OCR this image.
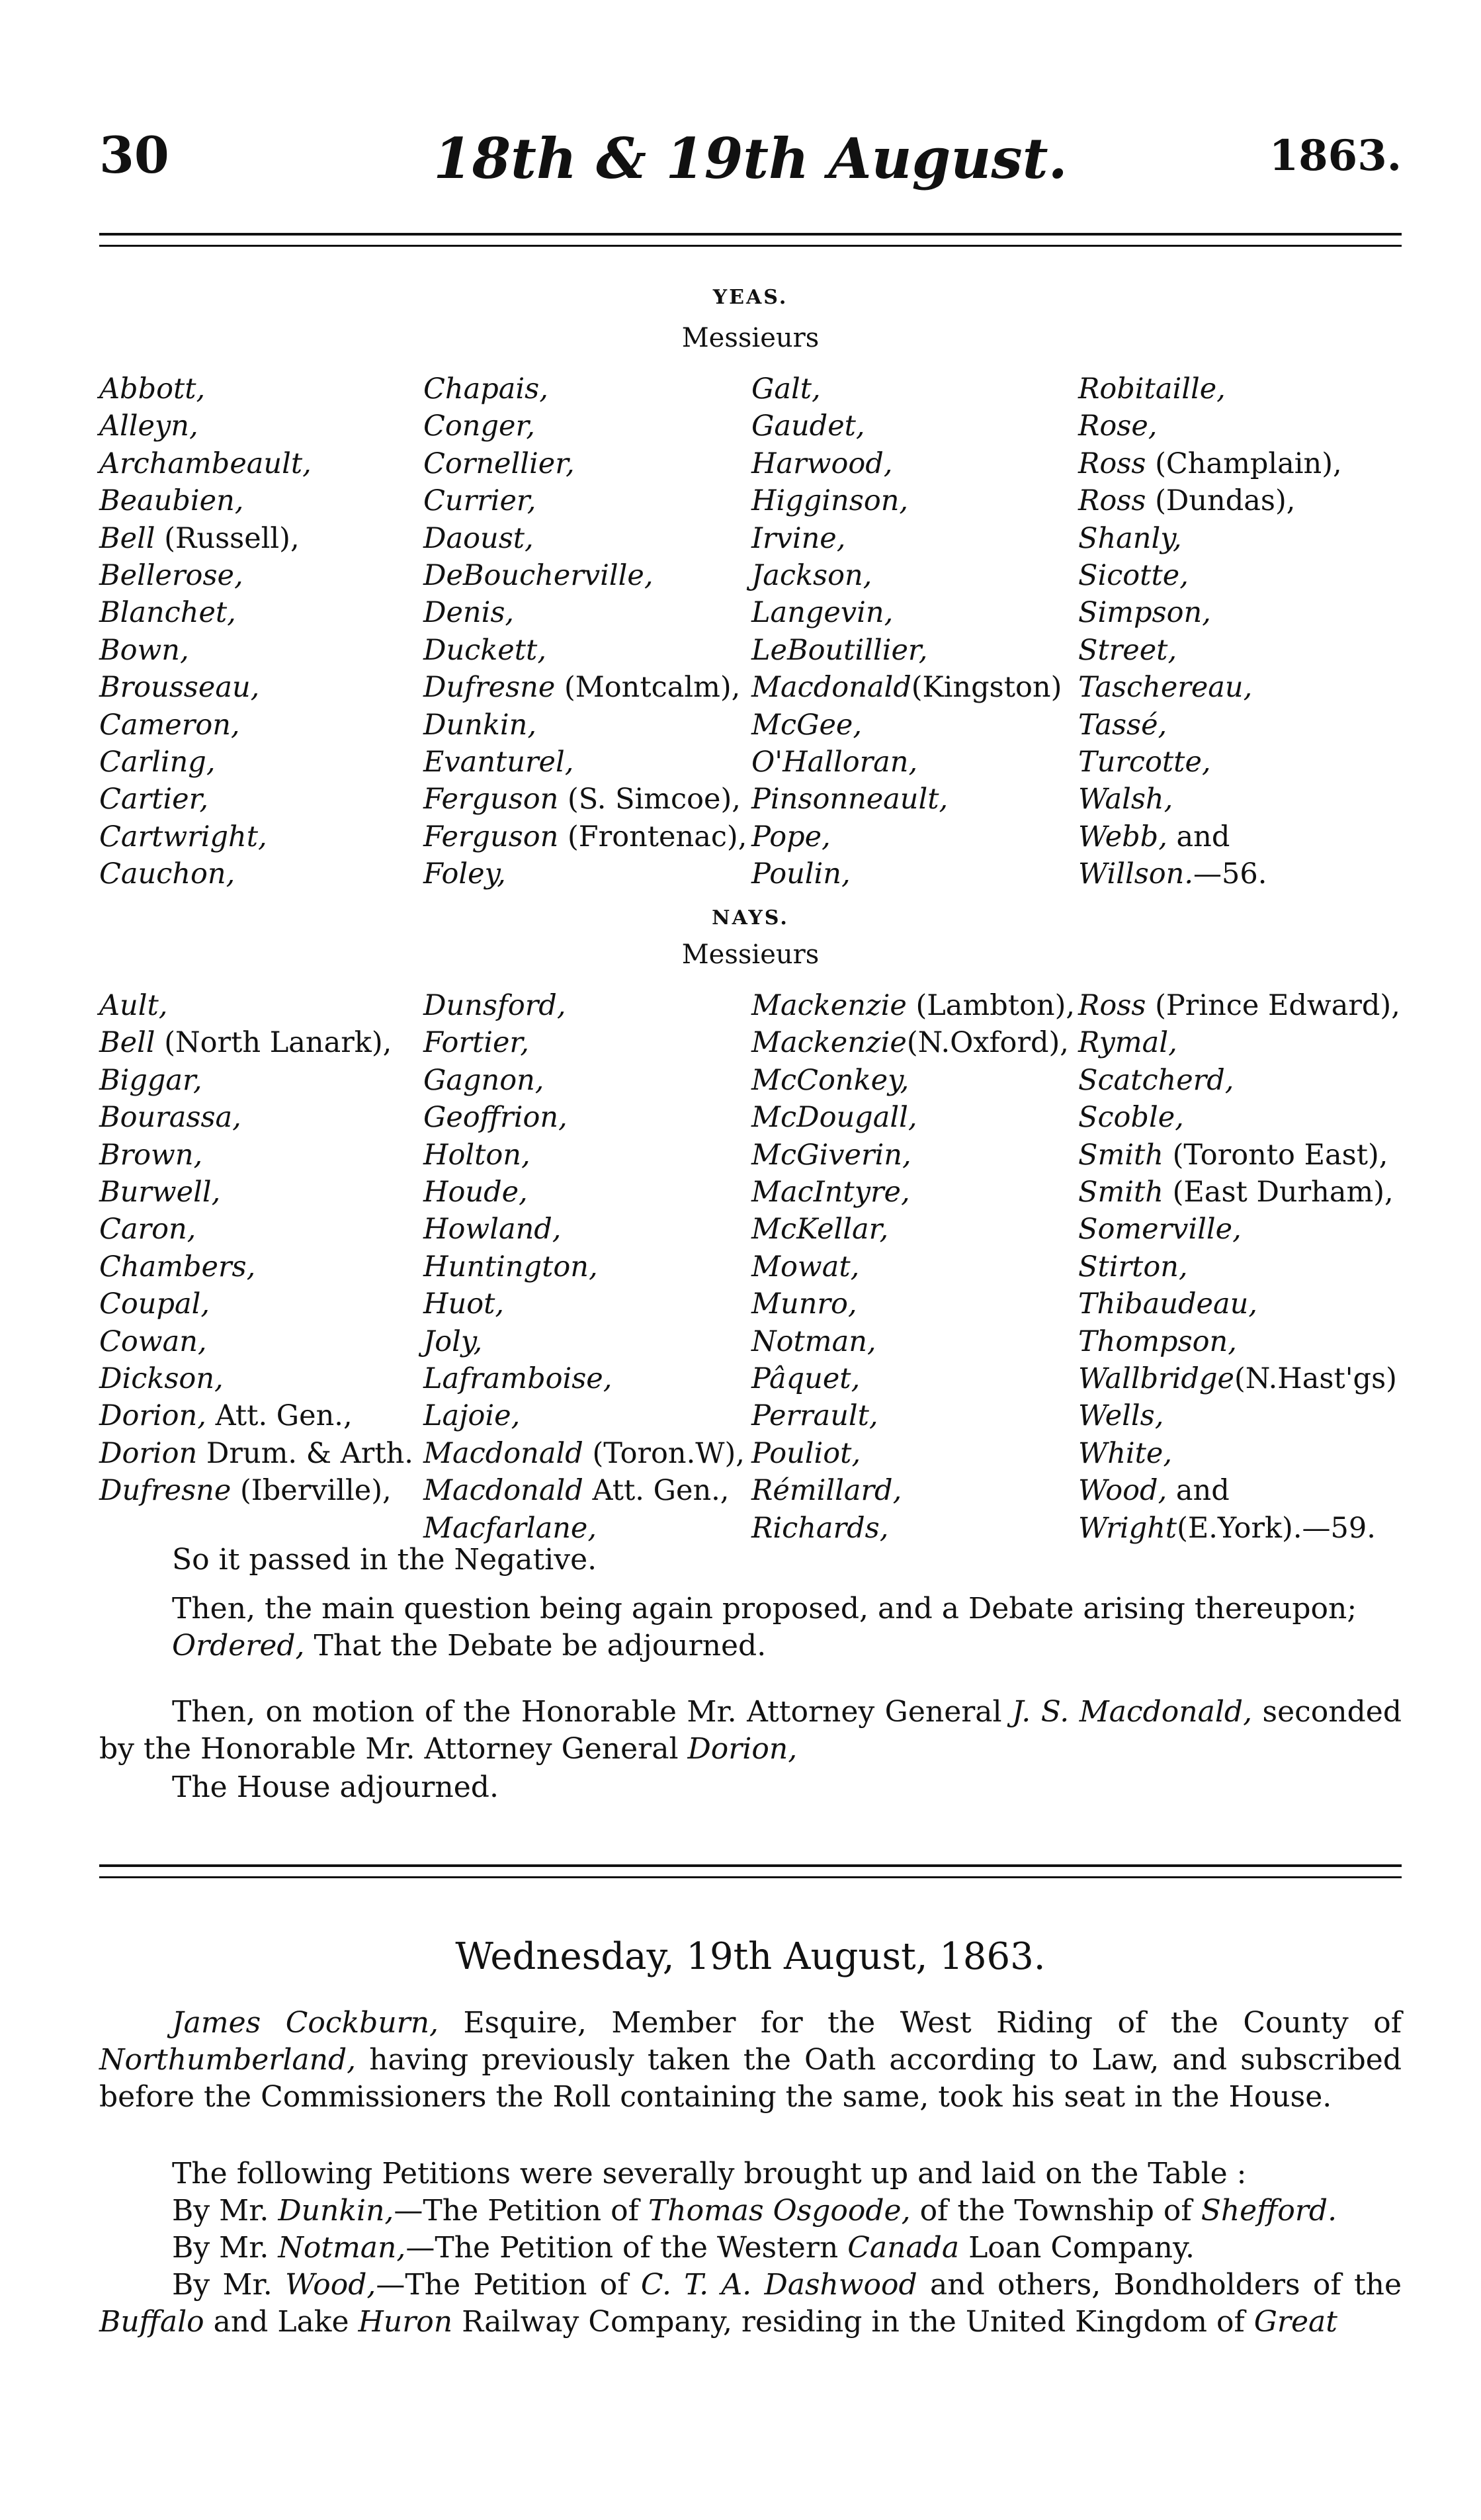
30	18th & 19th August.	1863.
YEAS.
Messieurs
Abbott,
Alleyn,
Archambeault,
Beaubien,
Bell (Russell),
Bellerose,
Blanchet,
Bown,
Brousseau,
Cameron,
Carling,
Cartier,
Cartwright,
Cauchon,
Chapais,
Conger,
Cornellier,
Currier,
Daoust,
DeBoucherville,
Denis,
Duckett,
Dufresne (Montcalm),
Dunkin,
Evanturel,
Ferguson (S. Simcoe),
Ferguson (Frontenac),
Foley,
Galt,
Gaudet,
Harwood,
Higginson,
Irvine,
Jackson,
Langevin,
LeBoutillier,
Macdonald(Kingston)
McGee,
O'Halloran,
Pinsonneault,
Pope,
Poulin,
Robitaille,
Rose,
Ross (Champlain),
Ross (Dundas),
Shanly,
Sicotte,
Simpson,
Street,
Taschereau,
Tassé,
Turcotte,
Walsh,
Webb, and
Willson.—56.
NAYS.
Messieurs
Ault,
Bell (North Lanark),
Biggar,
Bourassa,
Brown,
Burwell,
Caron,
Chambers,
Coupal,
Cowan,
Dickson,
Dorion, Att. Gen.,
Dorion Drum. & Arth.
Dufresne (Iberville),
Dunsford,
Fortier,
Gagnon,
Geoffrion,
Holton,
Houde,
Howland,
Huntington,
Huot,
Joly,
Laframboise,
Lajoie,
Macdonald (Toron.W),
Macdonald Att. Gen.,
Macfarlane,
Mackenzie (Lambton),
Mackenzie(N.Oxford),
McConkey,
McDougall,
McGiverin,
MacIntyre,
McKellar,
Mowat,
Munro,
Notman,
Pâquet,
Perrault,
Pouliot,
Rémillard,
Richards,
Ross (Prince Edward),
Rymal,
Scatcherd,
Scoble,
Smith (Toronto East),
Smith (East Durham),
Somerville,
Stirton,
Thibaudeau,
Thompson,
Wallbridge(N.Hast'gs)
Wells,
White,
Wood, and
Wright(E.York).—59.
So it passed in the Negative.
Then, the main question being again proposed, and a Debate arising thereupon;
Ordered, That the Debate be adjourned.
Then, on motion of the Honorable Mr. Attorney General J. S. Macdonald, seconded by the Honorable Mr. Attorney General Dorion,
The House adjourned.
Wednesday, 19th August, 1863.
James Cockburn, Esquire, Member for the West Riding of the County of Northumberland, having previously taken the Oath according to Law, and subscribed before the Commissioners the Roll containing the same, took his seat in the House.
The following Petitions were severally brought up and laid on the Table :
By Mr. Dunkin,—The Petition of Thomas Osgoode, of the Township of Shefford.
By Mr. Notman,—The Petition of the Western Canada Loan Company.
By Mr. Wood,—The Petition of C. T. A. Dashwood and others, Bondholders of the Buffalo and Lake Huron Railway Company, residing in the United Kingdom of Great
